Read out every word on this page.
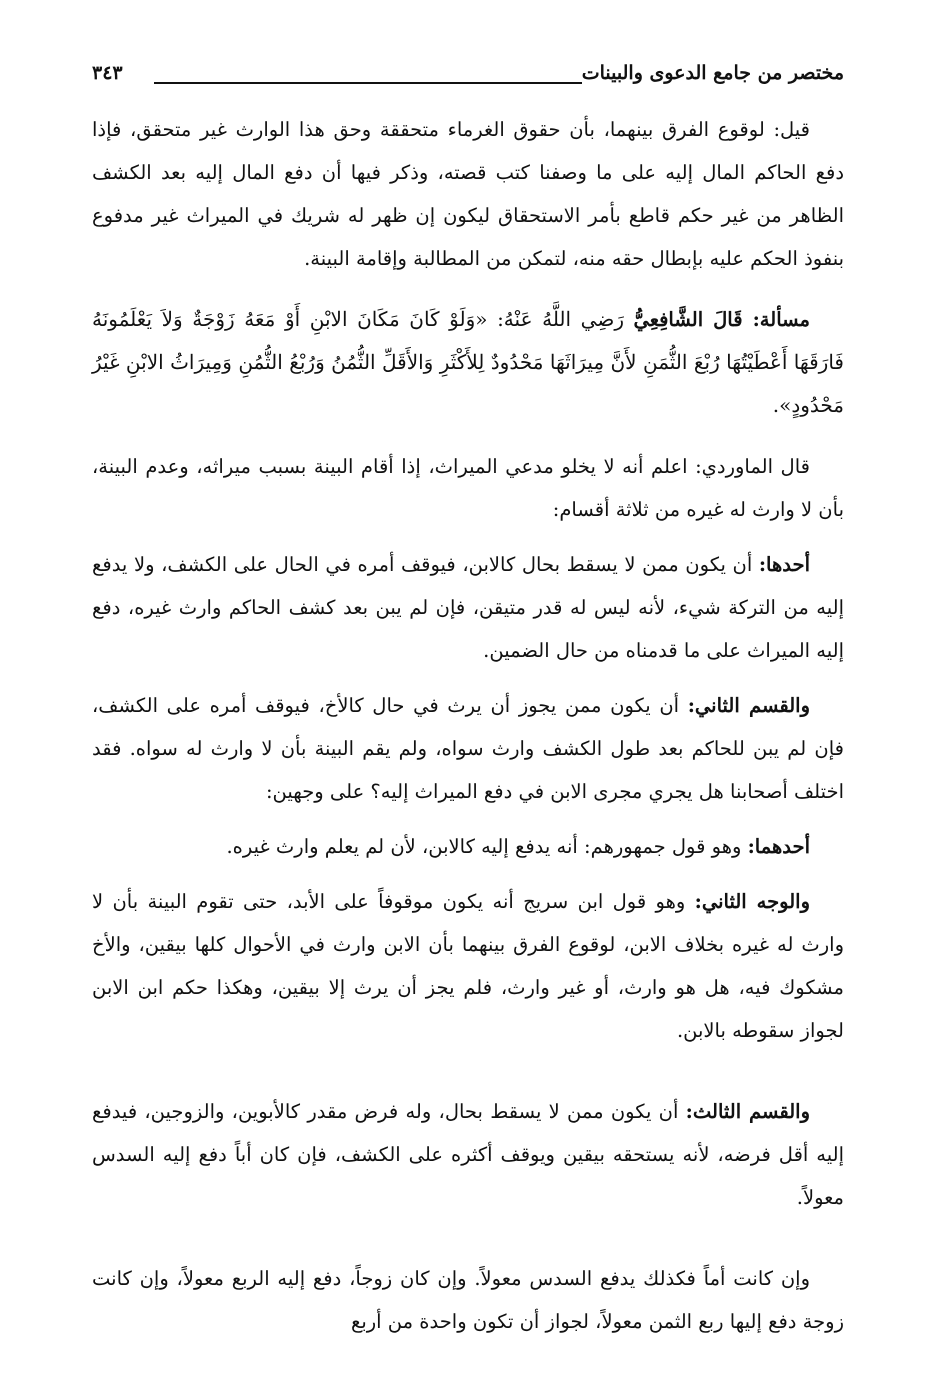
مختصر من جامع الدعوى والبينات
٣٤٣

قيل: لوقوع الفرق بينهما، بأن حقوق الغرماء متحققة وحق هذا الوارث غير متحقق، فإذا دفع الحاكم المال إليه على ما وصفنا كتب قصته، وذكر فيها أن دفع المال إليه بعد الكشف الظاهر من غير حكم قاطع بأمر الاستحقاق ليكون إن ظهر له شريك في الميراث غير مدفوع بنفوذ الحكم عليه بإبطال حقه منه، لتمكن من المطالبة وإقامة البينة.

مسألة: قَالَ الشَّافِعِيُّ رَضِي اللَّهُ عَنْهُ: «وَلَوْ كَانَ مَكَانَ الابْنِ أَوْ مَعَهُ زَوْجَةٌ وَلاَ يَعْلَمُونَهُ فَارَقَهَا أَعْطَيْتُهَا رُبْعَ الثُّمَنِ لأَنَّ مِيرَاثَهَا مَحْدُودٌ لِلأَكْثَرِ وَالأَقَلِّ الثُّمُنُ وَرُبْعُ الثُّمُنِ وَمِيرَاثُ الابْنِ غَيْرُ مَحْدُودٍ».

قال الماوردي: اعلم أنه لا يخلو مدعي الميراث، إذا أقام البينة بسبب ميراثه، وعدم البينة، بأن لا وارث له غيره من ثلاثة أقسام:

أحدها: أن يكون ممن لا يسقط بحال كالابن، فيوقف أمره في الحال على الكشف، ولا يدفع إليه من التركة شيء، لأنه ليس له قدر متيقن، فإن لم يبن بعد كشف الحاكم وارث غيره، دفع إليه الميراث على ما قدمناه من حال الضمين.

والقسم الثاني: أن يكون ممن يجوز أن يرث في حال كالأخ، فيوقف أمره على الكشف، فإن لم يبن للحاكم بعد طول الكشف وارث سواه، ولم يقم البينة بأن لا وارث له سواه. فقد اختلف أصحابنا هل يجري مجرى الابن في دفع الميراث إليه؟ على وجهين:

أحدهما: وهو قول جمهورهم: أنه يدفع إليه كالابن، لأن لم يعلم وارث غيره.

والوجه الثاني: وهو قول ابن سريج أنه يكون موقوفاً على الأبد، حتى تقوم البينة بأن لا وارث له غيره بخلاف الابن، لوقوع الفرق بينهما بأن الابن وارث في الأحوال كلها بيقين، والأخ مشكوك فيه، هل هو وارث، أو غير وارث، فلم يجز أن يرث إلا بيقين، وهكذا حكم ابن الابن لجواز سقوطه بالابن.

والقسم الثالث: أن يكون ممن لا يسقط بحال، وله فرض مقدر كالأبوين، والزوجين، فيدفع إليه أقل فرضه، لأنه يستحقه بيقين ويوقف أكثره على الكشف، فإن كان أباً دفع إليه السدس معولاً.

وإن كانت أماً فكذلك يدفع السدس معولاً. وإن كان زوجاً، دفع إليه الربع معولاً، وإن كانت زوجة دفع إليها ربع الثمن معولاً، لجواز أن تكون واحدة من أربع
